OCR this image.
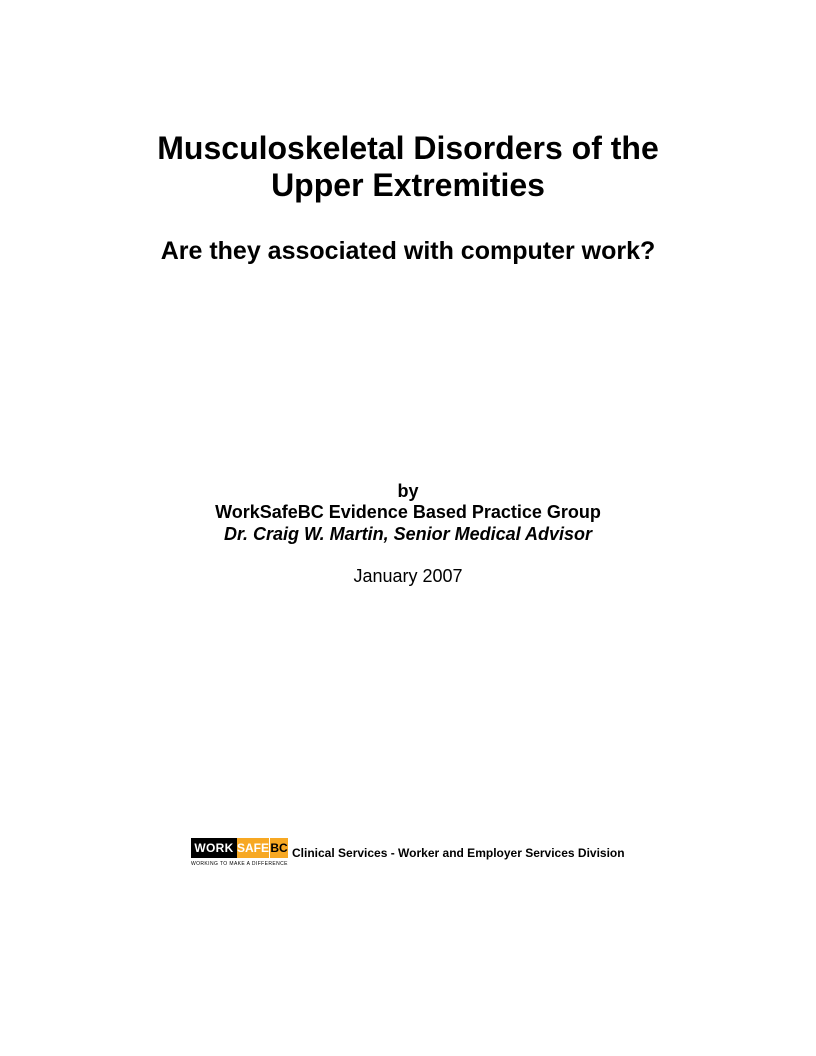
Musculoskeletal Disorders of the
Upper Extremities
Are they associated with computer work?
by
WorkSafeBC Evidence Based Practice Group
Dr. Craig W. Martin, Senior Medical Advisor
January 2007
WORK SAFE BC
WORKING TO MAKE A DIFFERENCE
Clinical Services - Worker and Employer Services Division
